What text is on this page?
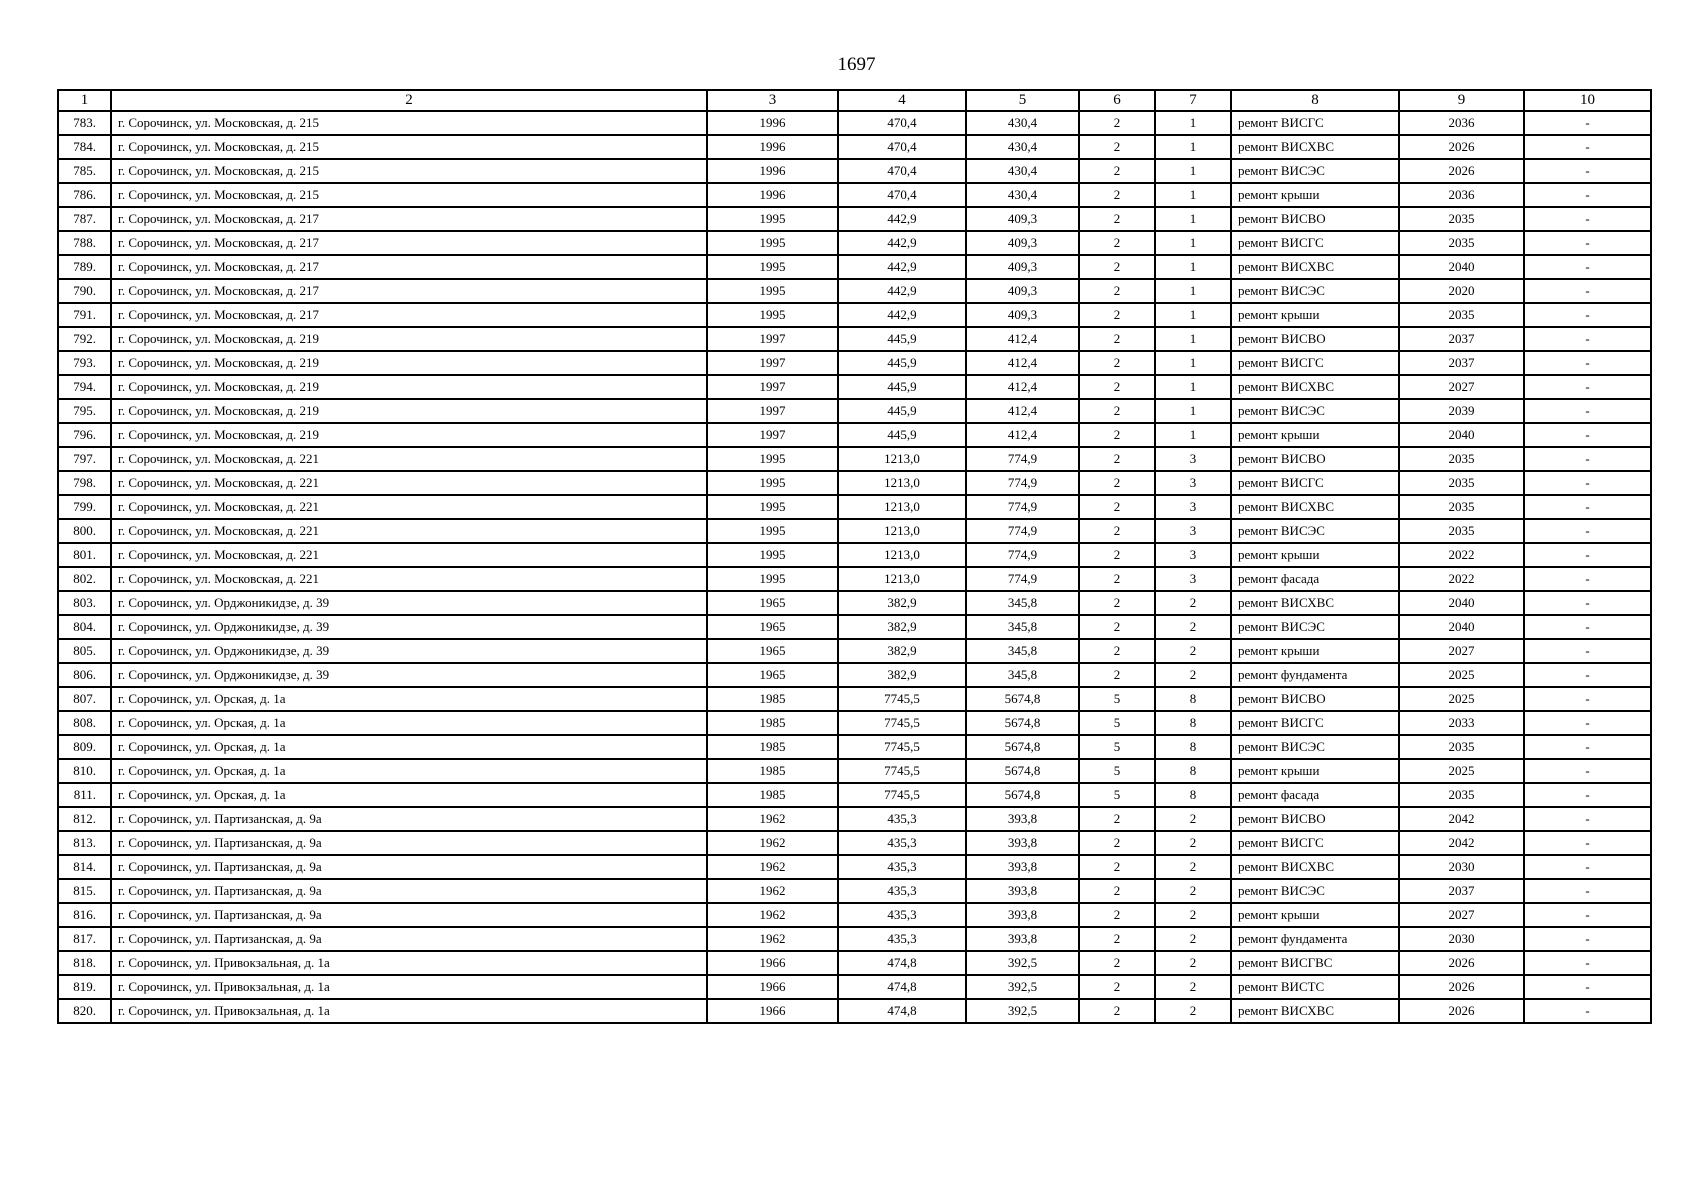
1697
1	2	3	4	5	6	7	8	9	10
783.	г. Сорочинск, ул. Московская, д. 215	1996	470,4	430,4	2	1	ремонт ВИСГС	2036	-
784.	г. Сорочинск, ул. Московская, д. 215	1996	470,4	430,4	2	1	ремонт ВИСХВС	2026	-
785.	г. Сорочинск, ул. Московская, д. 215	1996	470,4	430,4	2	1	ремонт ВИСЭС	2026	-
786.	г. Сорочинск, ул. Московская, д. 215	1996	470,4	430,4	2	1	ремонт крыши	2036	-
787.	г. Сорочинск, ул. Московская, д. 217	1995	442,9	409,3	2	1	ремонт ВИСВО	2035	-
788.	г. Сорочинск, ул. Московская, д. 217	1995	442,9	409,3	2	1	ремонт ВИСГС	2035	-
789.	г. Сорочинск, ул. Московская, д. 217	1995	442,9	409,3	2	1	ремонт ВИСХВС	2040	-
790.	г. Сорочинск, ул. Московская, д. 217	1995	442,9	409,3	2	1	ремонт ВИСЭС	2020	-
791.	г. Сорочинск, ул. Московская, д. 217	1995	442,9	409,3	2	1	ремонт крыши	2035	-
792.	г. Сорочинск, ул. Московская, д. 219	1997	445,9	412,4	2	1	ремонт ВИСВО	2037	-
793.	г. Сорочинск, ул. Московская, д. 219	1997	445,9	412,4	2	1	ремонт ВИСГС	2037	-
794.	г. Сорочинск, ул. Московская, д. 219	1997	445,9	412,4	2	1	ремонт ВИСХВС	2027	-
795.	г. Сорочинск, ул. Московская, д. 219	1997	445,9	412,4	2	1	ремонт ВИСЭС	2039	-
796.	г. Сорочинск, ул. Московская, д. 219	1997	445,9	412,4	2	1	ремонт крыши	2040	-
797.	г. Сорочинск, ул. Московская, д. 221	1995	1213,0	774,9	2	3	ремонт ВИСВО	2035	-
798.	г. Сорочинск, ул. Московская, д. 221	1995	1213,0	774,9	2	3	ремонт ВИСГС	2035	-
799.	г. Сорочинск, ул. Московская, д. 221	1995	1213,0	774,9	2	3	ремонт ВИСХВС	2035	-
800.	г. Сорочинск, ул. Московская, д. 221	1995	1213,0	774,9	2	3	ремонт ВИСЭС	2035	-
801.	г. Сорочинск, ул. Московская, д. 221	1995	1213,0	774,9	2	3	ремонт крыши	2022	-
802.	г. Сорочинск, ул. Московская, д. 221	1995	1213,0	774,9	2	3	ремонт фасада	2022	-
803.	г. Сорочинск, ул. Орджоникидзе, д. 39	1965	382,9	345,8	2	2	ремонт ВИСХВС	2040	-
804.	г. Сорочинск, ул. Орджоникидзе, д. 39	1965	382,9	345,8	2	2	ремонт ВИСЭС	2040	-
805.	г. Сорочинск, ул. Орджоникидзе, д. 39	1965	382,9	345,8	2	2	ремонт крыши	2027	-
806.	г. Сорочинск, ул. Орджоникидзе, д. 39	1965	382,9	345,8	2	2	ремонт фундамента	2025	-
807.	г. Сорочинск, ул. Орская, д. 1а	1985	7745,5	5674,8	5	8	ремонт ВИСВО	2025	-
808.	г. Сорочинск, ул. Орская, д. 1а	1985	7745,5	5674,8	5	8	ремонт ВИСГС	2033	-
809.	г. Сорочинск, ул. Орская, д. 1а	1985	7745,5	5674,8	5	8	ремонт ВИСЭС	2035	-
810.	г. Сорочинск, ул. Орская, д. 1а	1985	7745,5	5674,8	5	8	ремонт крыши	2025	-
811.	г. Сорочинск, ул. Орская, д. 1а	1985	7745,5	5674,8	5	8	ремонт фасада	2035	-
812.	г. Сорочинск, ул. Партизанская, д. 9а	1962	435,3	393,8	2	2	ремонт ВИСВО	2042	-
813.	г. Сорочинск, ул. Партизанская, д. 9а	1962	435,3	393,8	2	2	ремонт ВИСГС	2042	-
814.	г. Сорочинск, ул. Партизанская, д. 9а	1962	435,3	393,8	2	2	ремонт ВИСХВС	2030	-
815.	г. Сорочинск, ул. Партизанская, д. 9а	1962	435,3	393,8	2	2	ремонт ВИСЭС	2037	-
816.	г. Сорочинск, ул. Партизанская, д. 9а	1962	435,3	393,8	2	2	ремонт крыши	2027	-
817.	г. Сорочинск, ул. Партизанская, д. 9а	1962	435,3	393,8	2	2	ремонт фундамента	2030	-
818.	г. Сорочинск, ул. Привокзальная, д. 1а	1966	474,8	392,5	2	2	ремонт ВИСГВС	2026	-
819.	г. Сорочинск, ул. Привокзальная, д. 1а	1966	474,8	392,5	2	2	ремонт ВИСТС	2026	-
820.	г. Сорочинск, ул. Привокзальная, д. 1а	1966	474,8	392,5	2	2	ремонт ВИСХВС	2026	-
